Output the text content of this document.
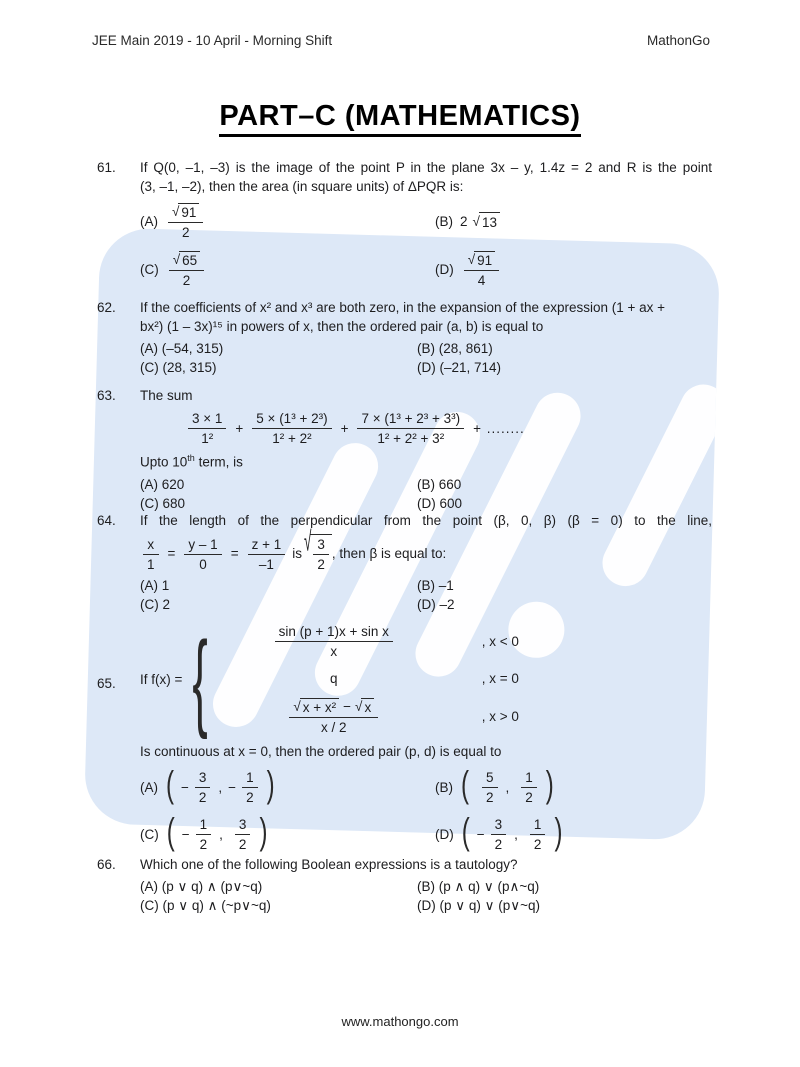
JEE Main 2019 - 10 April - Morning Shift	MathonGo
PART–C (MATHEMATICS)
61.	If Q(0, –1, –3) is the image of the point P in the plane 3x – y, 1.4z = 2 and R is the point
(3, –1, –2), then the area (in square units) of ΔPQR is:
$(A) \frac{√ 91}{2}$	(B) 2 √ 13
$(C) \frac{√ 65}{2}$	$(D) \frac{√ 91}{4}$
62.	If the coefficients of x² and x³ are both zero, in the expansion of the expression (1 + ax +
bx²) (1 – 3x)¹⁵ in powers of x, then the ordered pair (a, b) is equal to
(A) (–54, 315)	(B) (28, 861)
(C) (28, 315)	(D) (–21, 714)
63.	The sum
$\frac{3 \times 1}{\text{1²}} + \frac{\text{5 × (1³ + 2³)}}{\text{1² + 2²}} + \frac{\text{7 × (1³ + 2³ + 3³)}}{\text{1² + 2² + 3²}}$ + ........
Upto 10th term, is
(A) 620	(B) 660
(C) 680	(D) 600
64.	If the length of the perpendicular from the point (β, 0, β) (β = 0) to the line,
$\frac{x}{1} = \frac{y - 1}{0} = \frac{z + 1}{-1}$ is √ $\frac{3}{2}$ , then β is equal to:
(A) 1	(B) –1
(C) 2	(D) –2
65.	If f(x) = {	$\frac{\text{sin (p + 1)x + sin x}}{x}$	, x < 0
q	, x = 0
$\frac{\text{√ x + x² − √ x}}{x / 2}$	, x > 0
Is continuous at x = 0, then the ordered pair (p, d) is equal to
(A) ( − $\frac{3}{2}$ , − $\frac{1}{2}$ )	(B) ( $\frac{5}{2}$ , $\frac{1}{2}$ )
(C) ( − $\frac{1}{2}$ , $\frac{3}{2}$ )	(D) ( − $\frac{3}{2}$ , $\frac{1}{2}$ )
66.	Which one of the following Boolean expressions is a tautology?
(A) (p ∨ q) ∧ (p∨~q)	(B) (p ∧ q) ∨ (p∧~q)
(C) (p ∨ q) ∧ (~p∨~q)	(D) (p ∨ q) ∨ (p∨~q)
www.mathongo.com
